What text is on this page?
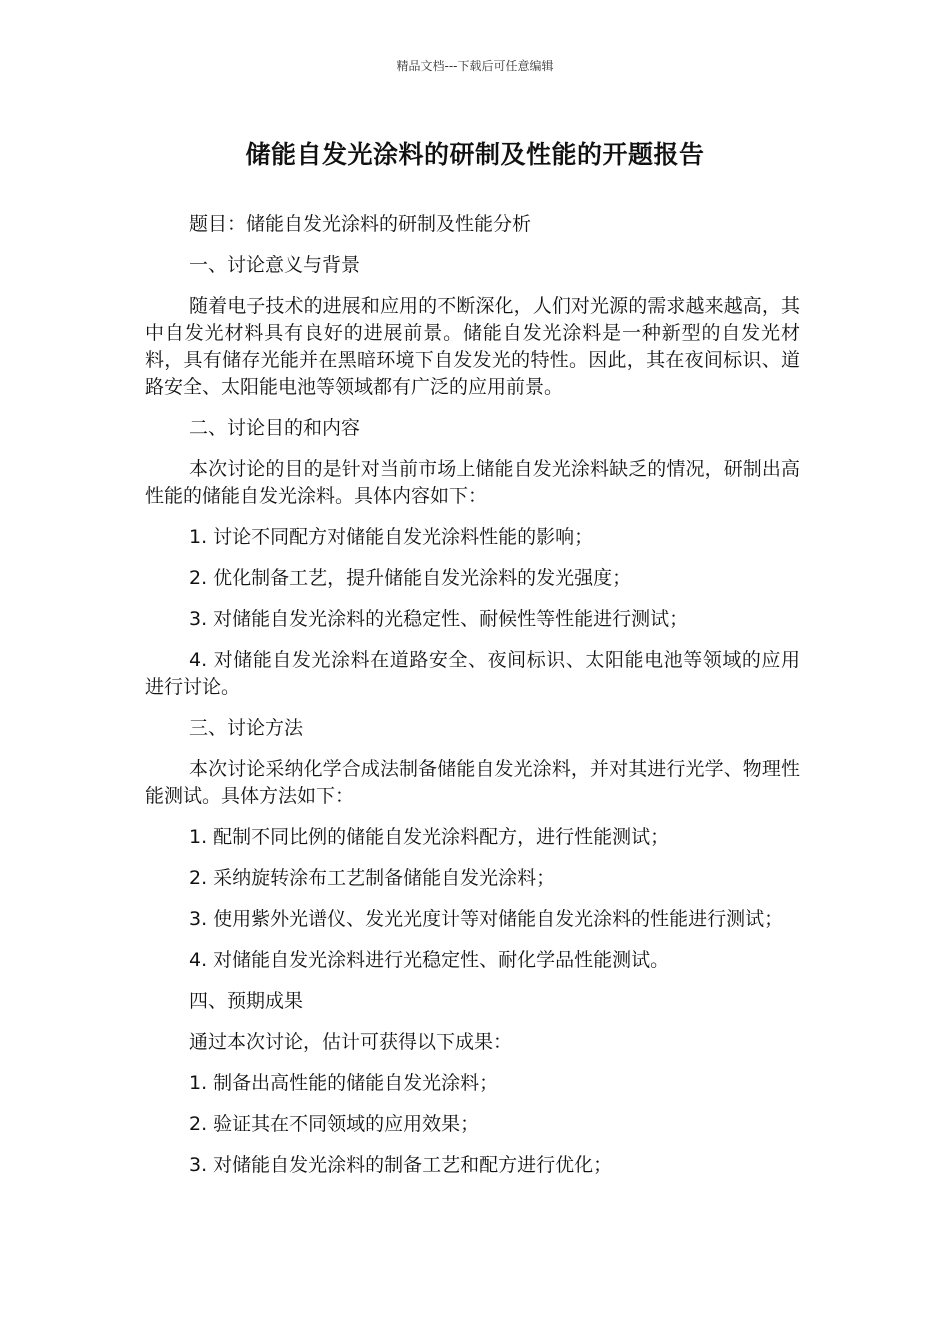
精品文档---下载后可任意编辑
储能自发光涂料的研制及性能的开题报告

题目：储能自发光涂料的研制及性能分析

一、讨论意义与背景

随着电子技术的进展和应用的不断深化，人们对光源的需求越来越高，其中自发光材料具有良好的进展前景。储能自发光涂料是一种新型的自发光材料，具有储存光能并在黑暗环境下自发发光的特性。因此，其在夜间标识、道路安全、太阳能电池等领域都有广泛的应用前景。

二、讨论目的和内容

本次讨论的目的是针对当前市场上储能自发光涂料缺乏的情况，研制出高性能的储能自发光涂料。具体内容如下：

1. 讨论不同配方对储能自发光涂料性能的影响；

2. 优化制备工艺，提升储能自发光涂料的发光强度；

3. 对储能自发光涂料的光稳定性、耐候性等性能进行测试；

4. 对储能自发光涂料在道路安全、夜间标识、太阳能电池等领域的应用进行讨论。

三、讨论方法

本次讨论采纳化学合成法制备储能自发光涂料，并对其进行光学、物理性能测试。具体方法如下：

1. 配制不同比例的储能自发光涂料配方，进行性能测试；

2. 采纳旋转涂布工艺制备储能自发光涂料；

3. 使用紫外光谱仪、发光光度计等对储能自发光涂料的性能进行测试；

4. 对储能自发光涂料进行光稳定性、耐化学品性能测试。

四、预期成果

通过本次讨论，估计可获得以下成果：

1. 制备出高性能的储能自发光涂料；

2. 验证其在不同领域的应用效果；

3. 对储能自发光涂料的制备工艺和配方进行优化；
